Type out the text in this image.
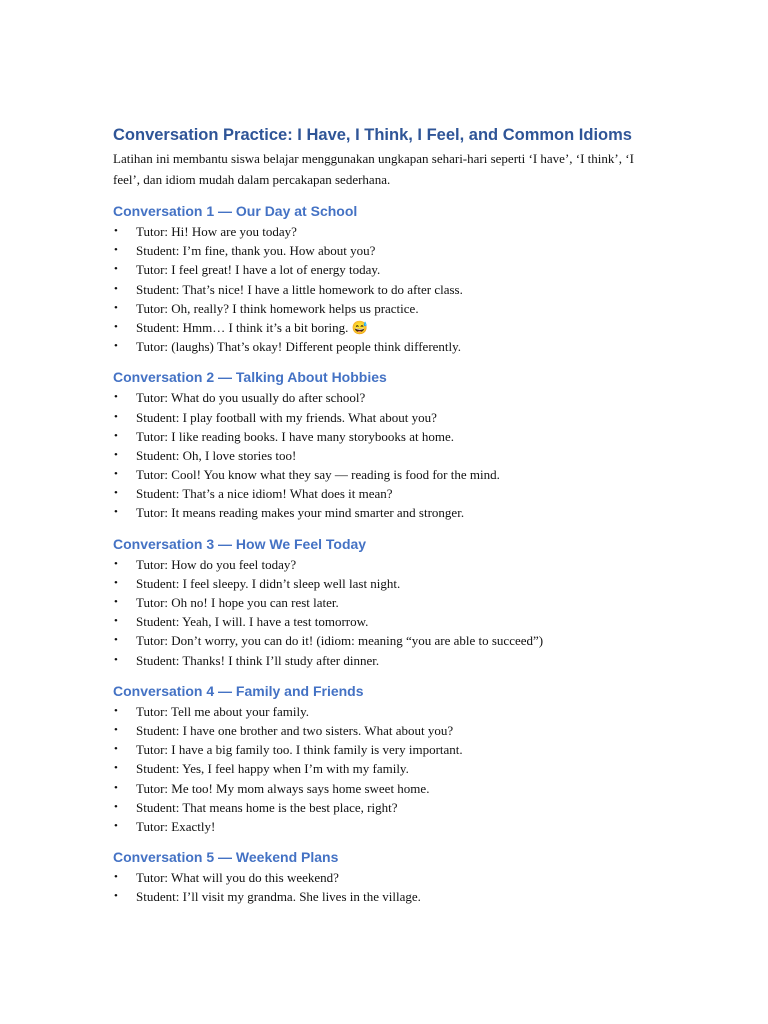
Conversation Practice: I Have, I Think, I Feel, and Common Idioms

Latihan ini membantu siswa belajar menggunakan ungkapan sehari-hari seperti ‘I have’, ‘I think’, ‘I feel’, dan idiom mudah dalam percakapan sederhana.

Conversation 1 — Our Day at School
• Tutor: Hi! How are you today?
• Student: I’m fine, thank you. How about you?
• Tutor: I feel great! I have a lot of energy today.
• Student: That’s nice! I have a little homework to do after class.
• Tutor: Oh, really? I think homework helps us practice.
• Student: Hmm… I think it’s a bit boring. 😅
• Tutor: (laughs) That’s okay! Different people think differently.
Conversation 2 — Talking About Hobbies
• Tutor: What do you usually do after school?
• Student: I play football with my friends. What about you?
• Tutor: I like reading books. I have many storybooks at home.
• Student: Oh, I love stories too!
• Tutor: Cool! You know what they say — reading is food for the mind.
• Student: That’s a nice idiom! What does it mean?
• Tutor: It means reading makes your mind smarter and stronger.
Conversation 3 — How We Feel Today
• Tutor: How do you feel today?
• Student: I feel sleepy. I didn’t sleep well last night.
• Tutor: Oh no! I hope you can rest later.
• Student: Yeah, I will. I have a test tomorrow.
• Tutor: Don’t worry, you can do it! (idiom: meaning “you are able to succeed”)
• Student: Thanks! I think I’ll study after dinner.
Conversation 4 — Family and Friends
• Tutor: Tell me about your family.
• Student: I have one brother and two sisters. What about you?
• Tutor: I have a big family too. I think family is very important.
• Student: Yes, I feel happy when I’m with my family.
• Tutor: Me too! My mom always says home sweet home.
• Student: That means home is the best place, right?
• Tutor: Exactly!
Conversation 5 — Weekend Plans
• Tutor: What will you do this weekend?
• Student: I’ll visit my grandma. She lives in the village.
